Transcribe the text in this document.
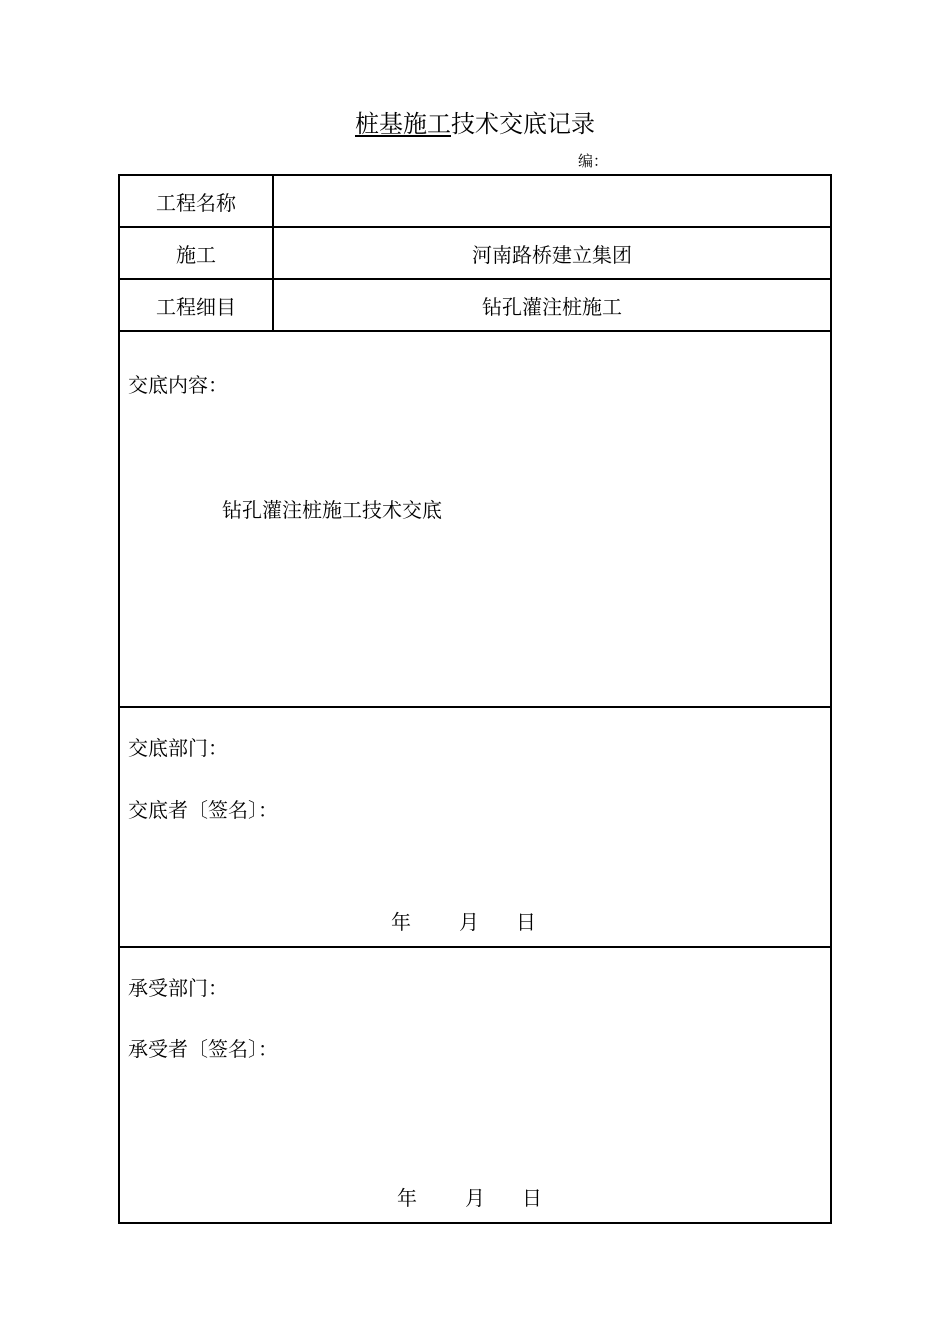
桩基施工技术交底记录
编：
工程名称
施工	河南路桥建立集团
工程细目	钻孔灌注桩施工
交底内容：
钻孔灌注桩施工技术交底
交底部门：
交底者〔签名〕：
年 月 日
承受部门：
承受者〔签名〕：
年 月 日
